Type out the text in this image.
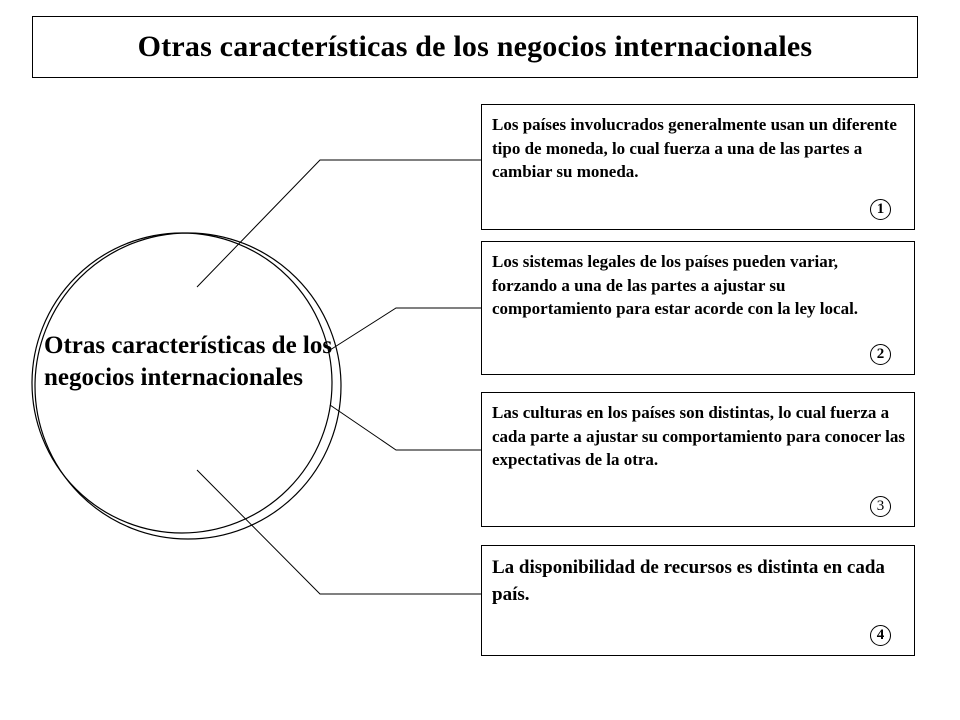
Otras características de los negocios internacionales
Otras características de los negocios internacionales
Los países involucrados generalmente usan un diferente tipo de moneda, lo cual fuerza a una de las partes a cambiar su moneda.
1
Los sistemas legales de los países pueden variar, forzando a una de las partes a ajustar su comportamiento para estar acorde con la ley local.
2
Las culturas en los países son distintas, lo cual fuerza a cada parte a ajustar su comportamiento para conocer las expectativas de la otra.
3
La disponibilidad de recursos es distinta en cada país.
4
